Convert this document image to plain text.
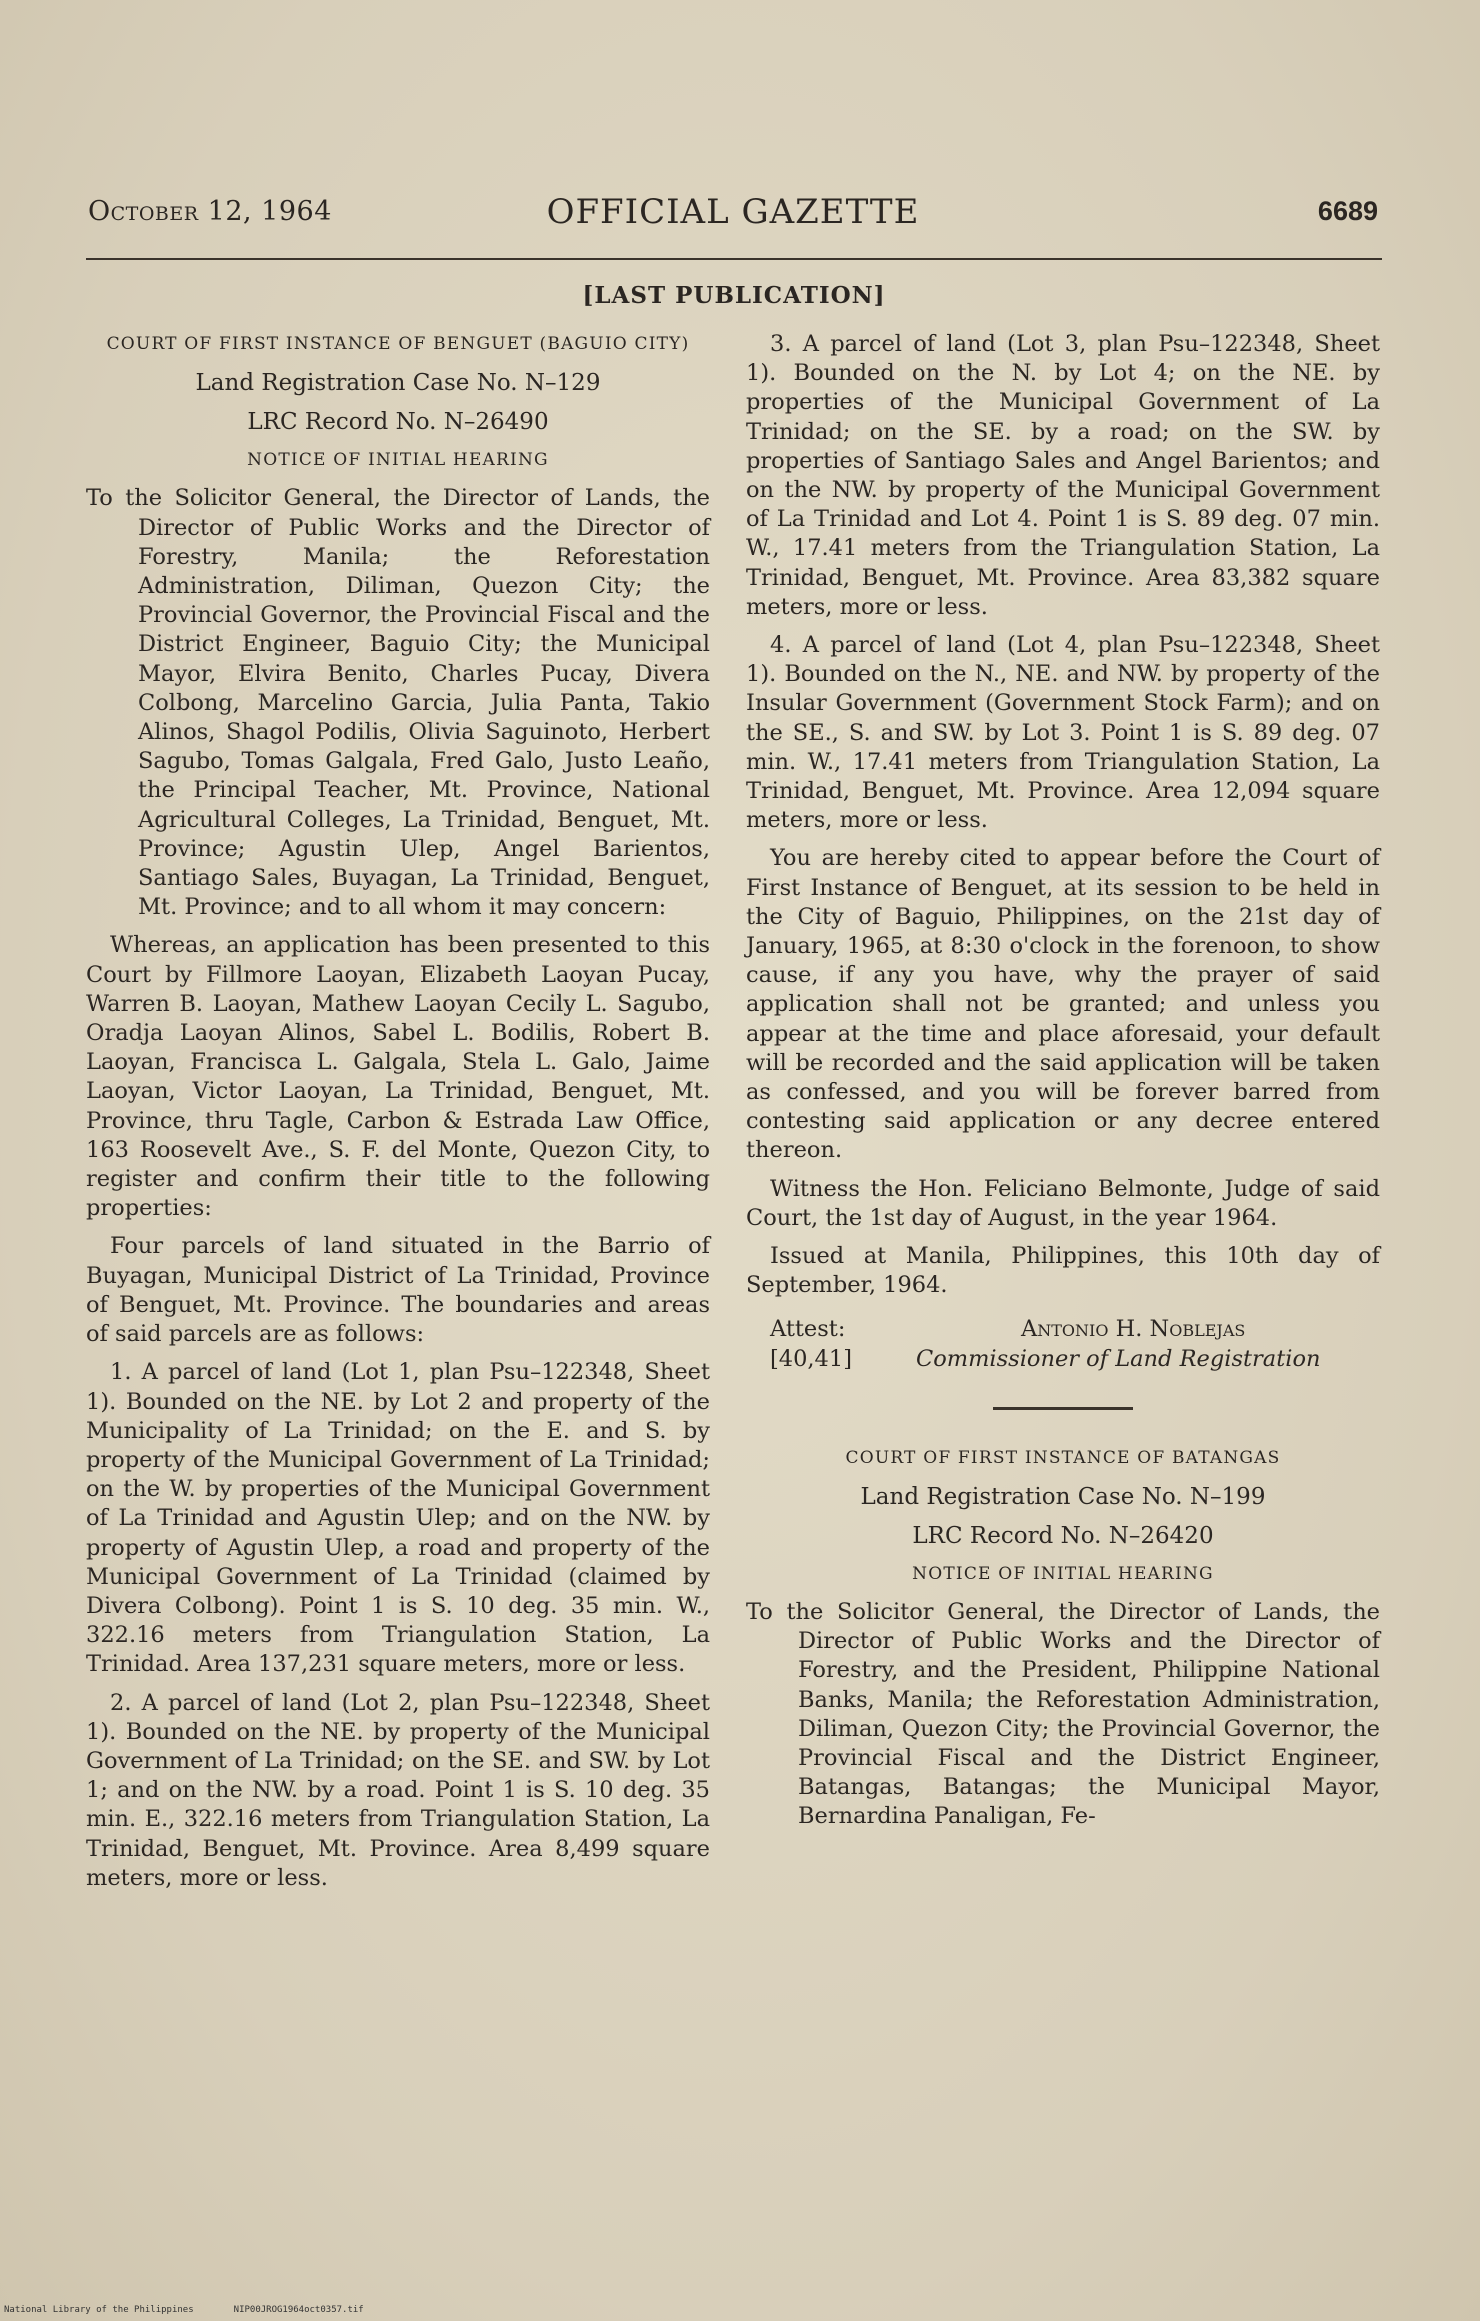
October 12, 1964	OFFICIAL GAZETTE	6689
[LAST PUBLICATION]

COURT OF FIRST INSTANCE OF BENGUET (BAGUIO CITY)

Land Registration Case No. N–129

LRC Record No. N–26490

NOTICE OF INITIAL HEARING

To the Solicitor General, the Director of Lands, the Director of Public Works and the Director of Forestry, Manila; the Reforestation Administration, Diliman, Quezon City; the Provincial Governor, the Provincial Fiscal and the District Engineer, Baguio City; the Municipal Mayor, Elvira Benito, Charles Pucay, Divera Colbong, Marcelino Garcia, Julia Panta, Takio Alinos, Shagol Podilis, Olivia Saguinoto, Herbert Sagubo, Tomas Galgala, Fred Galo, Justo Leaño, the Principal Teacher, Mt. Province, National Agricultural Colleges, La Trinidad, Benguet, Mt. Province; Agustin Ulep, Angel Barientos, Santiago Sales, Buyagan, La Trinidad, Benguet, Mt. Province; and to all whom it may concern:

Whereas, an application has been presented to this Court by Fillmore Laoyan, Elizabeth Laoyan Pucay, Warren B. Laoyan, Mathew Laoyan Cecily L. Sagubo, Oradja Laoyan Alinos, Sabel L. Bodilis, Robert B. Laoyan, Francisca L. Galgala, Stela L. Galo, Jaime Laoyan, Victor Laoyan, La Trinidad, Benguet, Mt. Province, thru Tagle, Carbon & Estrada Law Office, 163 Roosevelt Ave., S. F. del Monte, Quezon City, to register and confirm their title to the following properties:

Four parcels of land situated in the Barrio of Buyagan, Municipal District of La Trinidad, Province of Benguet, Mt. Province. The boundaries and areas of said parcels are as follows:

1. A parcel of land (Lot 1, plan Psu–122348, Sheet 1). Bounded on the NE. by Lot 2 and property of the Municipality of La Trinidad; on the E. and S. by property of the Municipal Government of La Trinidad; on the W. by properties of the Municipal Government of La Trinidad and Agustin Ulep; and on the NW. by property of Agustin Ulep, a road and property of the Municipal Government of La Trinidad (claimed by Divera Colbong). Point 1 is S. 10 deg. 35 min. W., 322.16 meters from Triangulation Station, La Trinidad. Area 137,231 square meters, more or less.

2. A parcel of land (Lot 2, plan Psu–122348, Sheet 1). Bounded on the NE. by property of the Municipal Government of La Trinidad; on the SE. and SW. by Lot 1; and on the NW. by a road. Point 1 is S. 10 deg. 35 min. E., 322.16 meters from Triangulation Station, La Trinidad, Benguet, Mt. Province. Area 8,499 square meters, more or less.

3. A parcel of land (Lot 3, plan Psu–122348, Sheet 1). Bounded on the N. by Lot 4; on the NE. by properties of the Municipal Government of La Trinidad; on the SE. by a road; on the SW. by properties of Santiago Sales and Angel Barientos; and on the NW. by property of the Municipal Government of La Trinidad and Lot 4. Point 1 is S. 89 deg. 07 min. W., 17.41 meters from the Triangulation Station, La Trinidad, Benguet, Mt. Province. Area 83,382 square meters, more or less.

4. A parcel of land (Lot 4, plan Psu–122348, Sheet 1). Bounded on the N., NE. and NW. by property of the Insular Government (Government Stock Farm); and on the SE., S. and SW. by Lot 3. Point 1 is S. 89 deg. 07 min. W., 17.41 meters from Triangulation Station, La Trinidad, Benguet, Mt. Province. Area 12,094 square meters, more or less.

You are hereby cited to appear before the Court of First Instance of Benguet, at its session to be held in the City of Baguio, Philippines, on the 21st day of January, 1965, at 8:30 o'clock in the forenoon, to show cause, if any you have, why the prayer of said application shall not be granted; and unless you appear at the time and place aforesaid, your default will be recorded and the said application will be taken as confessed, and you will be forever barred from contesting said application or any decree entered thereon.

Witness the Hon. Feliciano Belmonte, Judge of said Court, the 1st day of August, in the year 1964.

Issued at Manila, Philippines, this 10th day of September, 1964.

Attest:
[40,41]
Antonio H. Noblejas
Commissioner of Land Registration

COURT OF FIRST INSTANCE OF BATANGAS

Land Registration Case No. N–199

LRC Record No. N–26420

NOTICE OF INITIAL HEARING

To the Solicitor General, the Director of Lands, the Director of Public Works and the Director of Forestry, and the President, Philippine National Banks, Manila; the Reforestation Administration, Diliman, Quezon City; the Provincial Governor, the Provincial Fiscal and the District Engineer, Batangas, Batangas; the Municipal Mayor, Bernardina Panaligan, Fe-

National Library of the Philippines	NIP00JROG1964oct0357.tif
